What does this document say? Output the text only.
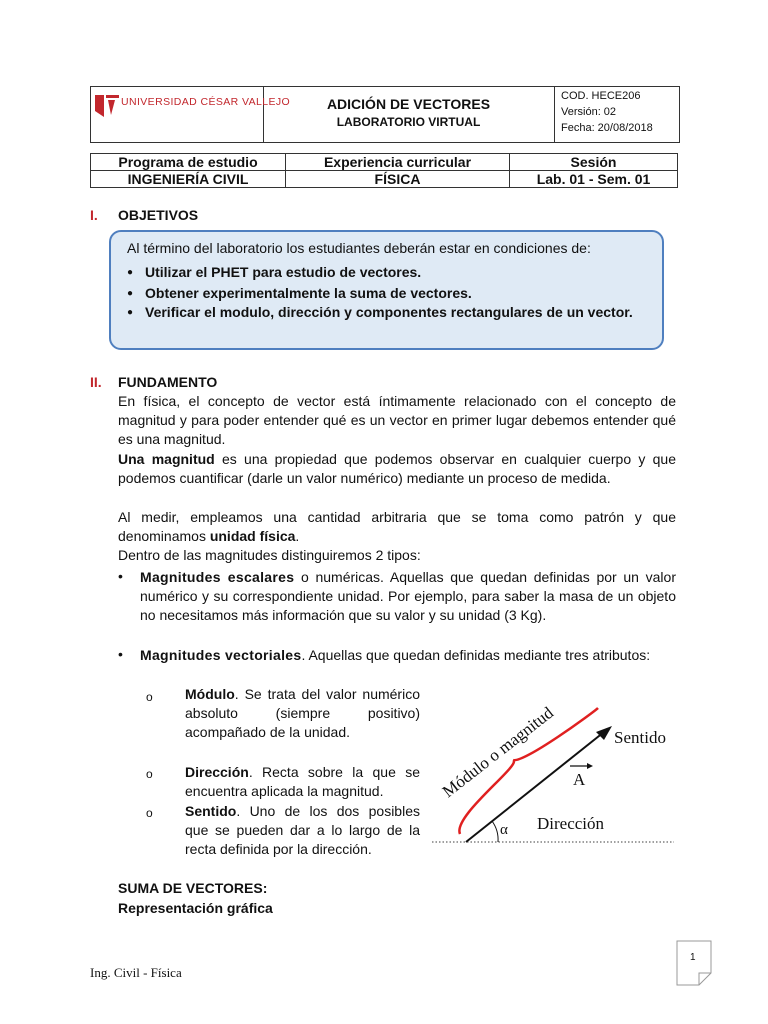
UNIVERSIDAD CÉSAR VALLEJO	ADICIÓN DE VECTORES
LABORATORIO VIRTUAL
COD. HECE206
Versión: 02
Fecha: 20/08/2018
Programa de estudio	Experiencia curricular	Sesión
INGENIERÍA CIVIL	FÍSICA	Lab. 01 - Sem. 01
I. OBJETIVOS
Al término del laboratorio los estudiantes deberán estar en condiciones de:
● Utilizar el PHET para estudio de vectores.
● Obtener experimentalmente la suma de vectores.
● Verificar el modulo, dirección y componentes rectangulares de un vector.
II. FUNDAMENTO
En física, el concepto de vector está íntimamente relacionado con el concepto de magnitud y para poder entender qué es un vector en primer lugar debemos entender qué es una magnitud.
Una magnitud es una propiedad que podemos observar en cualquier cuerpo y que podemos cuantificar (darle un valor numérico) mediante un proceso de medida.
Al medir, empleamos una cantidad arbitraria que se toma como patrón y que denominamos unidad física.
Dentro de las magnitudes distinguiremos 2 tipos:
• Magnitudes escalares o numéricas. Aquellas que quedan definidas por un valor numérico y su correspondiente unidad. Por ejemplo, para saber la masa de un objeto no necesitamos más información que su valor y su unidad (3 Kg).
• Magnitudes vectoriales. Aquellas que quedan definidas mediante tres atributos:
o Módulo. Se trata del valor numérico absoluto (siempre positivo) acompañado de la unidad.
o Dirección. Recta sobre la que se encuentra aplicada la magnitud.
o Sentido. Uno de los dos posibles que se pueden dar a lo largo de la recta definida por la dirección.
Módulo o magnitud	Sentido
A
α Dirección
SUMA DE VECTORES:
Representación gráfica
Ing. Civil - Física
1
